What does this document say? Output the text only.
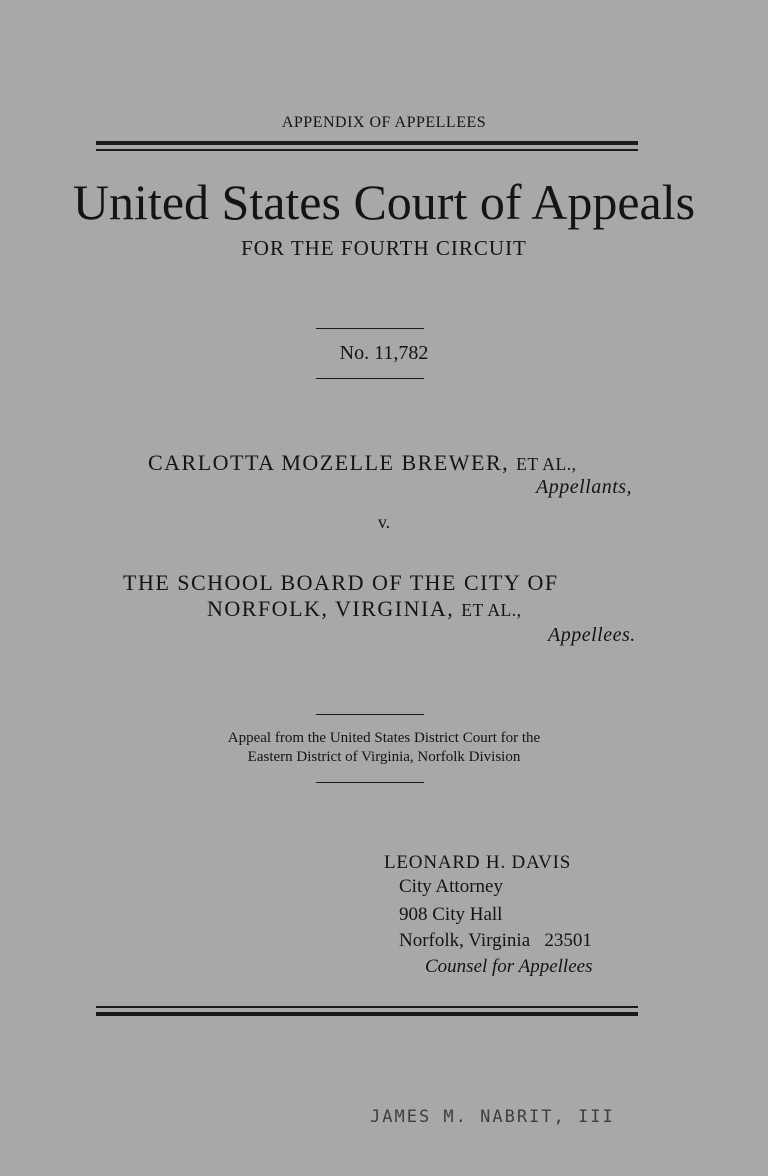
APPENDIX OF APPELLEES
United States Court of Appeals
FOR THE FOURTH CIRCUIT
No. 11,782
CARLOTTA MOZELLE BREWER, ET AL.,
Appellants,
v.
THE SCHOOL BOARD OF THE CITY OF
NORFOLK, VIRGINIA, ET AL.,
Appellees.
Appeal from the United States District Court for the
Eastern District of Virginia, Norfolk Division
LEONARD H. DAVIS
City Attorney
908 City Hall
Norfolk, Virginia   23501
Counsel for Appellees
JAMES M. NABRIT, III
